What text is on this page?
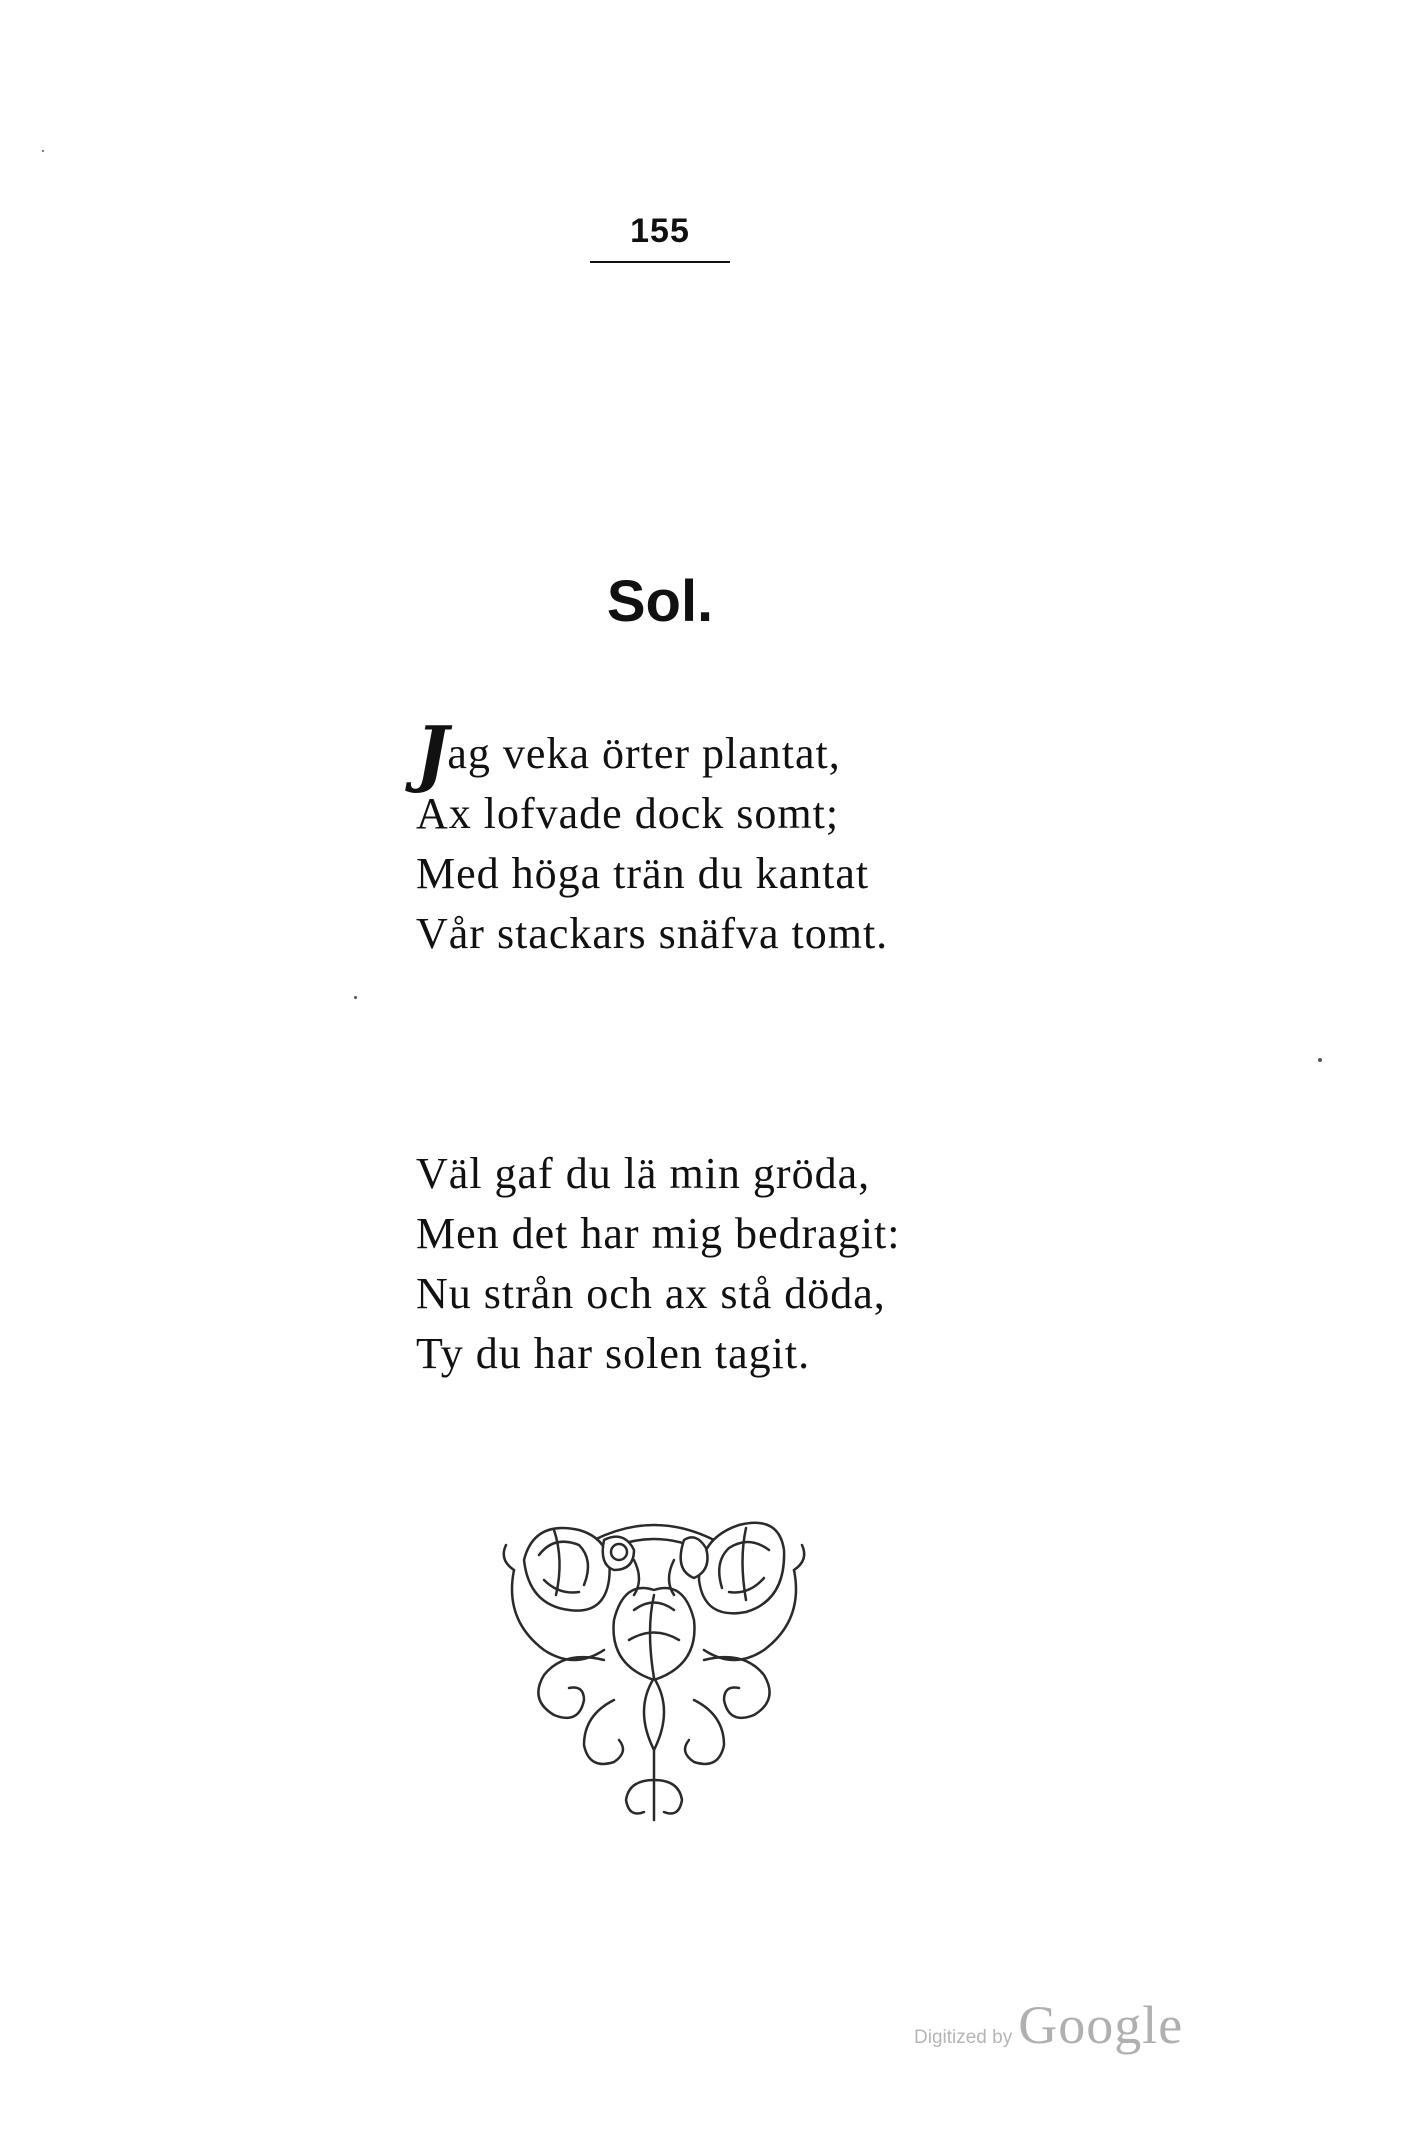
155
Sol.
Jag veka örter plantat,
Ax lofvade dock somt;
Med höga trän du kantat
Vår stackars snäfva tomt.
Väl gaf du lä min gröda,
Men det har mig bedragit:
Nu strån och ax stå döda,
Ty du har solen tagit.
Digitized by Google
